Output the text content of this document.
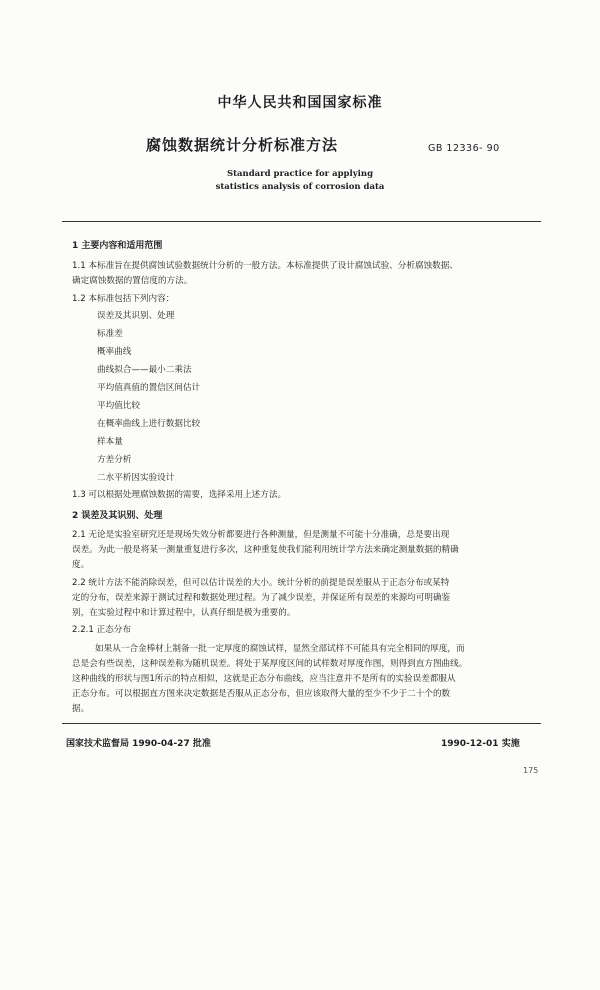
中华人民共和国国家标准
腐蚀数据统计分析标准方法	GB 12336- 90
Standard practice for applying
statistics analysis of corrosion data
1 主要内容和适用范围
1.1 本标准旨在提供腐蚀试验数据统计分析的一般方法。本标准提供了设计腐蚀试验、分析腐蚀数据、
确定腐蚀数据的置信度的方法。
1.2 本标准包括下列内容：
误差及其识别、处理
标准差
概率曲线
曲线拟合——最小二乘法
平均值真值的置信区间估计
平均值比较
在概率曲线上进行数据比较
样本量
方差分析
二水平析因实验设计
1.3 可以根据处理腐蚀数据的需要，选择采用上述方法。
2 误差及其识别、处理
2.1 无论是实验室研究还是现场失效分析都要进行各种测量，但是测量不可能十分准确，总是要出现
误差。为此一般是将某一测量重复进行多次，这种重复使我们能利用统计学方法来确定测量数据的精确
度。
2.2 统计方法不能消除误差，但可以估计误差的大小。统计分析的前提是误差服从于正态分布或某特
定的分布，误差来源于测试过程和数据处理过程。为了减少误差，并保证所有误差的来源均可明确鉴
别，在实验过程中和计算过程中，认真仔细是极为重要的。
2.2.1 正态分布
如果从一合金棒材上制备一批一定厚度的腐蚀试样，显然全部试样不可能具有完全相同的厚度，而
总是会有些误差，这种误差称为随机误差。将处于某厚度区间的试样数对厚度作图，则得到直方图曲线。
这种曲线的形状与图1所示的特点相似，这就是正态分布曲线，应当注意并不是所有的实验误差都服从
正态分布。可以根据直方图来决定数据是否服从正态分布，但应该取得大量的至少不少于二十个的数
据。
国家技术监督局 1990-04-27 批准	1990-12-01 实施
175
